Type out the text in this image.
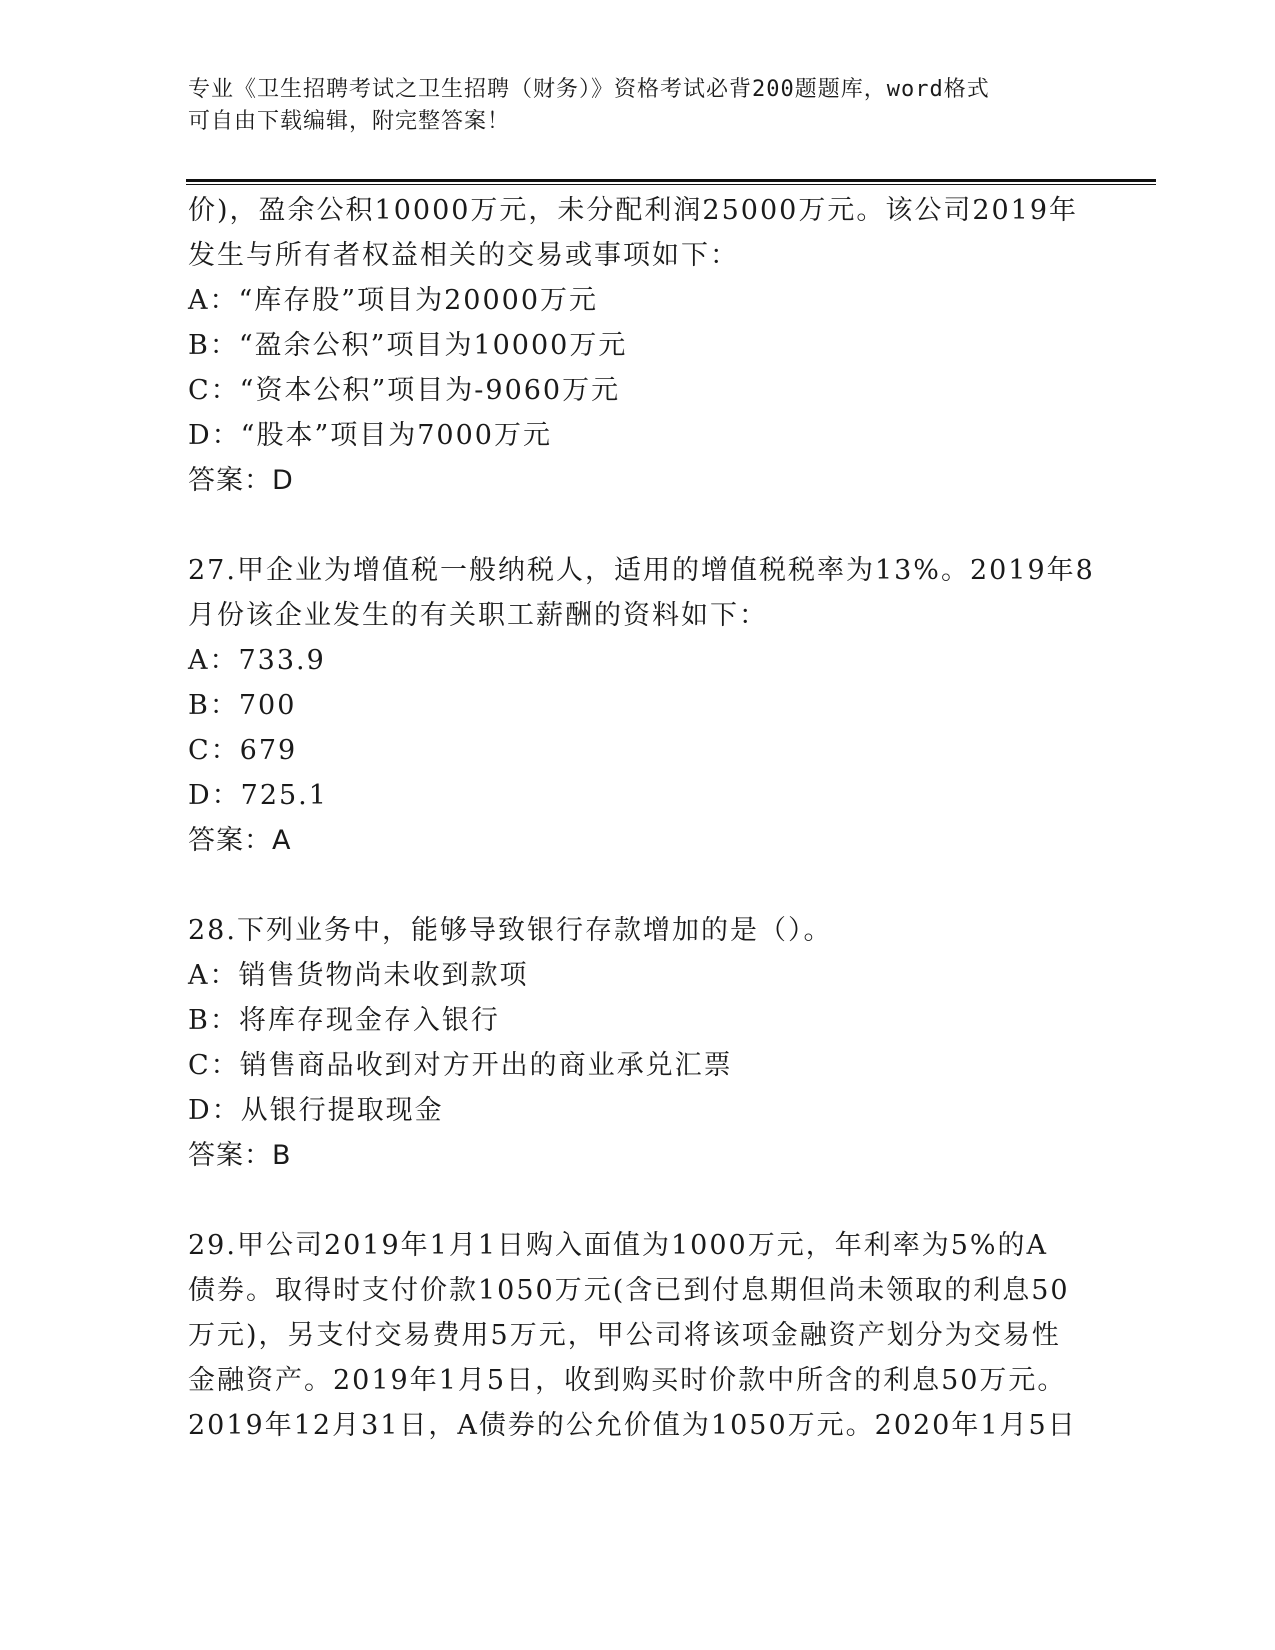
专业《卫生招聘考试之卫生招聘（财务）》资格考试必背200题题库，word格式
可自由下载编辑，附完整答案！
价)，盈余公积10000万元，未分配利润25000万元。该公司2019年
发生与所有者权益相关的交易或事项如下：
A：“库存股”项目为20000万元
B：“盈余公积”项目为10000万元
C：“资本公积”项目为-9060万元
D：“股本”项目为7000万元
答案：D
27.甲企业为增值税一般纳税人，适用的增值税税率为13%。2019年8
月份该企业发生的有关职工薪酬的资料如下：
A：733.9
B：700
C：679
D：725.1
答案：A
28.下列业务中，能够导致银行存款增加的是（）。
A：销售货物尚未收到款项
B：将库存现金存入银行
C：销售商品收到对方开出的商业承兑汇票
D：从银行提取现金
答案：B
29.甲公司2019年1月1日购入面值为1000万元，年利率为5%的A
债券。取得时支付价款1050万元(含已到付息期但尚未领取的利息50
万元)，另支付交易费用5万元，甲公司将该项金融资产划分为交易性
金融资产。2019年1月5日，收到购买时价款中所含的利息50万元。
2019年12月31日，A债券的公允价值为1050万元。2020年1月5日
